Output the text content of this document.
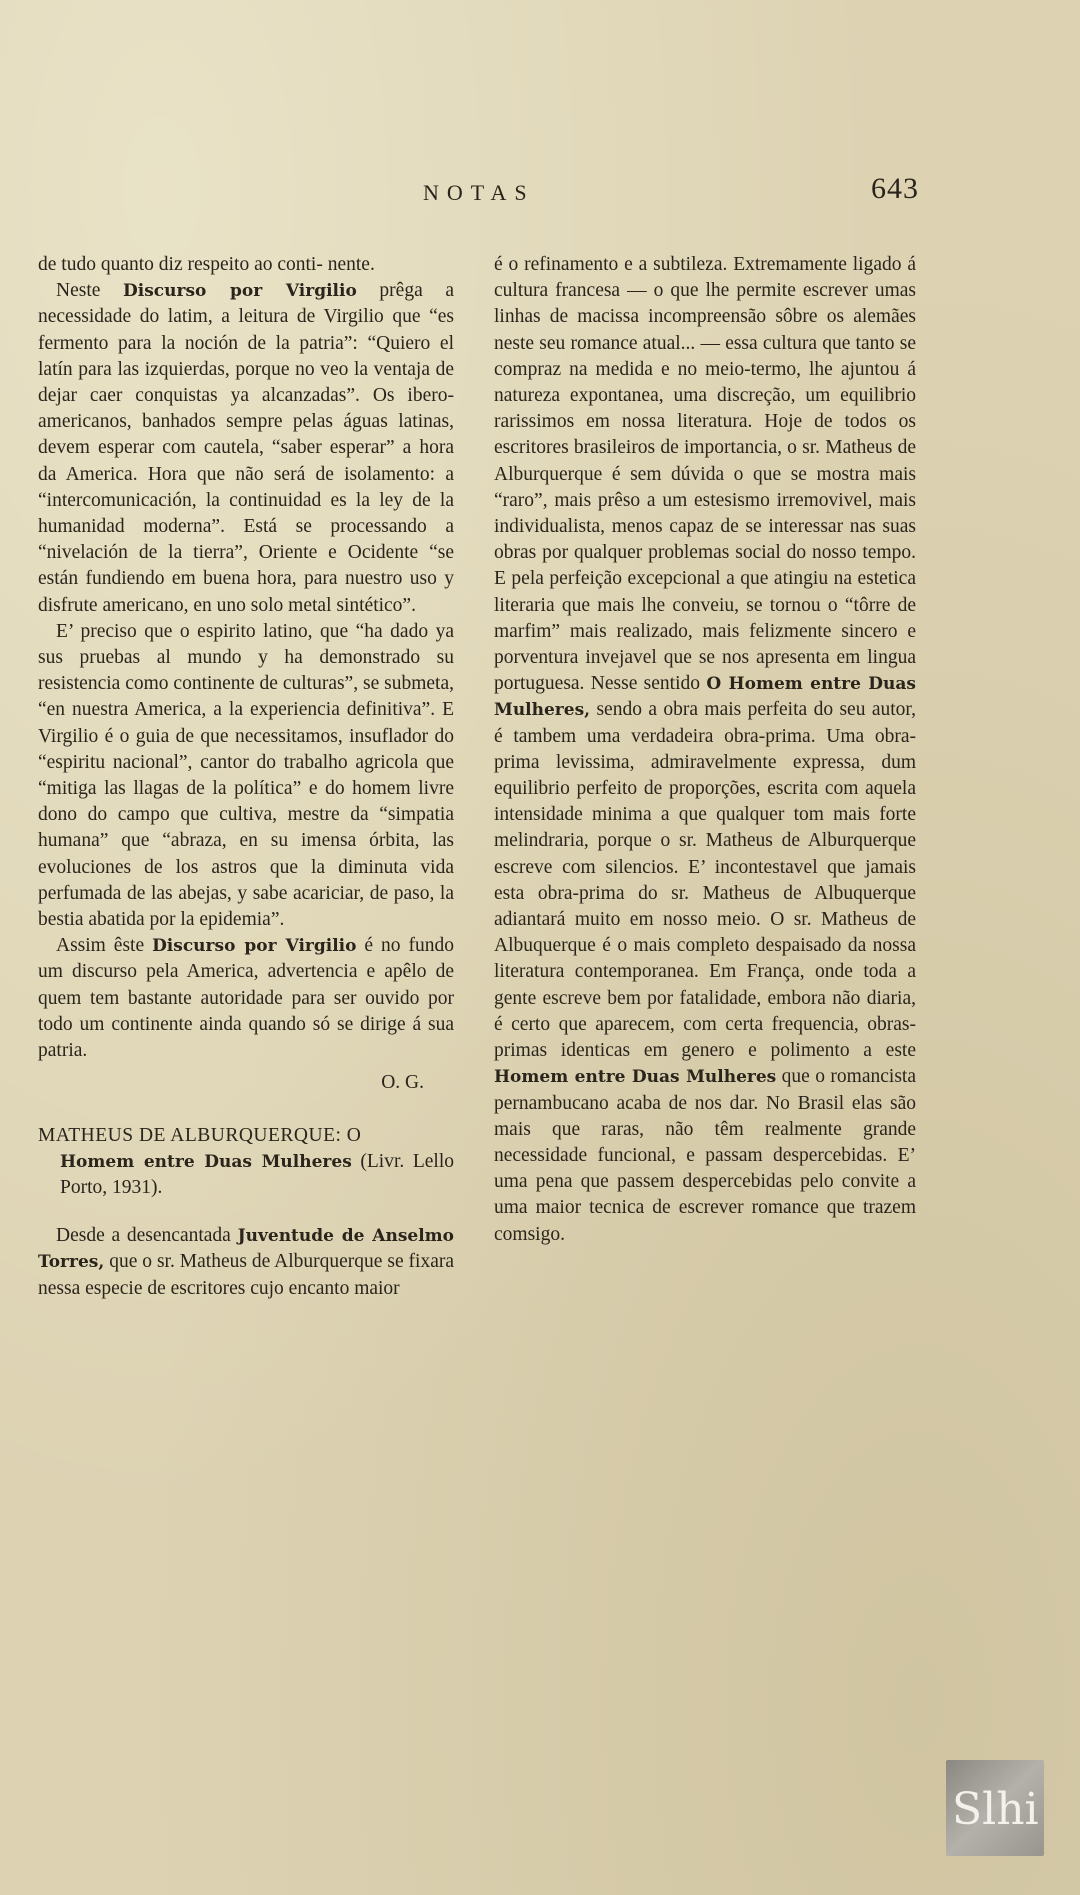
NOTAS	643

de tudo quanto diz respeito ao conti- nente.

Neste Discurso por Virgilio prêga a necessidade do latim, a leitura de Virgilio que “es fermento para la noción de la patria”: “Quiero el latín para las izquierdas, porque no veo la ventaja de dejar caer conquistas ya alcanzadas”. Os ibero-americanos, banhados sempre pelas águas latinas, devem esperar com cautela, “saber esperar” a hora da America. Hora que não será de isolamento: a “intercomunicación, la continuidad es la ley de la humanidad moderna”. Está se processando a “nivelación de la tierra”, Oriente e Ocidente “se están fundiendo em buena hora, para nuestro uso y disfrute americano, en uno solo metal sintético”.

E’ preciso que o espirito latino, que “ha dado ya sus pruebas al mundo y ha demonstrado su resistencia como continente de culturas”, se submeta, “en nuestra America, a la experiencia definitiva”. E Virgilio é o guia de que necessitamos, insuflador do “espiritu nacional”, cantor do trabalho agricola que “mitiga las llagas de la política” e do homem livre dono do campo que cultiva, mestre da “simpatia humana” que “abraza, en su imensa órbita, las evoluciones de los astros que la diminuta vida perfumada de las abejas, y sabe acariciar, de paso, la bestia abatida por la epidemia”.

Assim êste Discurso por Virgilio é no fundo um discurso pela America, advertencia e apêlo de quem tem bastante autoridade para ser ouvido por todo um continente ainda quando só se dirige á sua patria.

O. G.

MATHEUS DE ALBURQUERQUE: O

Homem entre Duas Mulheres (Livr. Lello Porto, 1931).

Desde a desencantada Juventude de Anselmo Torres, que o sr. Matheus de Alburquerque se fixara nessa especie de escritores cujo encanto maior

é o refinamento e a subtileza. Extremamente ligado á cultura francesa — o que lhe permite escrever umas linhas de macissa incompreensão sôbre os alemães neste seu romance atual... — essa cultura que tanto se compraz na medida e no meio-termo, lhe ajuntou á natureza expontanea, uma discreção, um equilibrio rarissimos em nossa literatura. Hoje de todos os escritores brasileiros de importancia, o sr. Matheus de Alburquerque é sem dúvida o que se mostra mais “raro”, mais prêso a um estesismo irremovivel, mais individualista, menos capaz de se interessar nas suas obras por qualquer problemas social do nosso tempo. E pela perfeição excepcional a que atingiu na estetica literaria que mais lhe conveiu, se tornou o “tôrre de marfim” mais realizado, mais felizmente sincero e porventura invejavel que se nos apresenta em lingua portuguesa. Nesse sentido O Homem entre Duas Mulheres, sendo a obra mais perfeita do seu autor, é tambem uma verdadeira obra-prima. Uma obra-prima levissima, admiravelmente expressa, dum equilibrio perfeito de proporções, escrita com aquela intensidade minima a que qualquer tom mais forte melindraria, porque o sr. Matheus de Alburquerque escreve com silencios. E’ incontestavel que jamais esta obra-prima do sr. Matheus de Albuquerque adiantará muito em nosso meio. O sr. Matheus de Albuquerque é o mais completo despaisado da nossa literatura contemporanea. Em França, onde toda a gente escreve bem por fatalidade, embora não diaria, é certo que aparecem, com certa frequencia, obras-primas identicas em genero e polimento a este Homem entre Duas Mulheres que o romancista pernambucano acaba de nos dar. No Brasil elas são mais que raras, não têm realmente grande necessidade funcional, e passam despercebidas. E’ uma pena que passem despercebidas pelo convite a uma maior tecnica de escrever romance que trazem comsigo.

Slhi
